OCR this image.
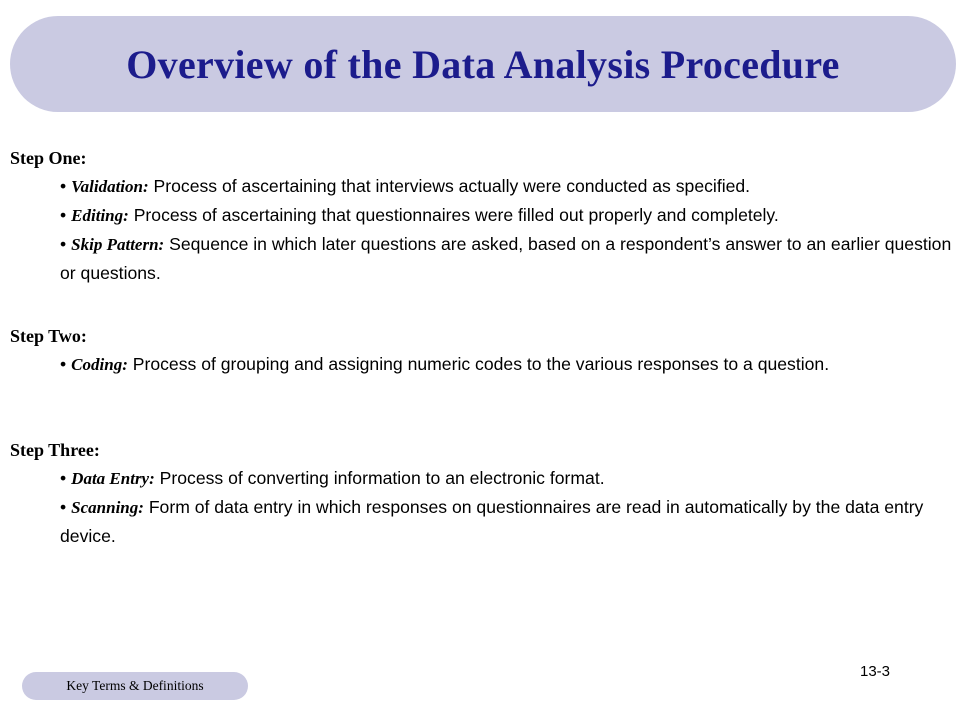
Overview of the Data Analysis Procedure

Step One:

• Validation: Process of ascertaining that interviews actually were conducted as specified.
• Editing: Process of ascertaining that questionnaires were filled out properly and completely.
• Skip Pattern: Sequence in which later questions are asked, based on a respondent’s answer to an earlier question or questions.

Step Two:

• Coding: Process of grouping and assigning numeric codes to the various responses to a question.

Step Three:

• Data Entry: Process of converting information to an electronic format.
• Scanning: Form of data entry in which responses on questionnaires are read in automatically by the data entry device.
Key Terms & Definitions
13-3
